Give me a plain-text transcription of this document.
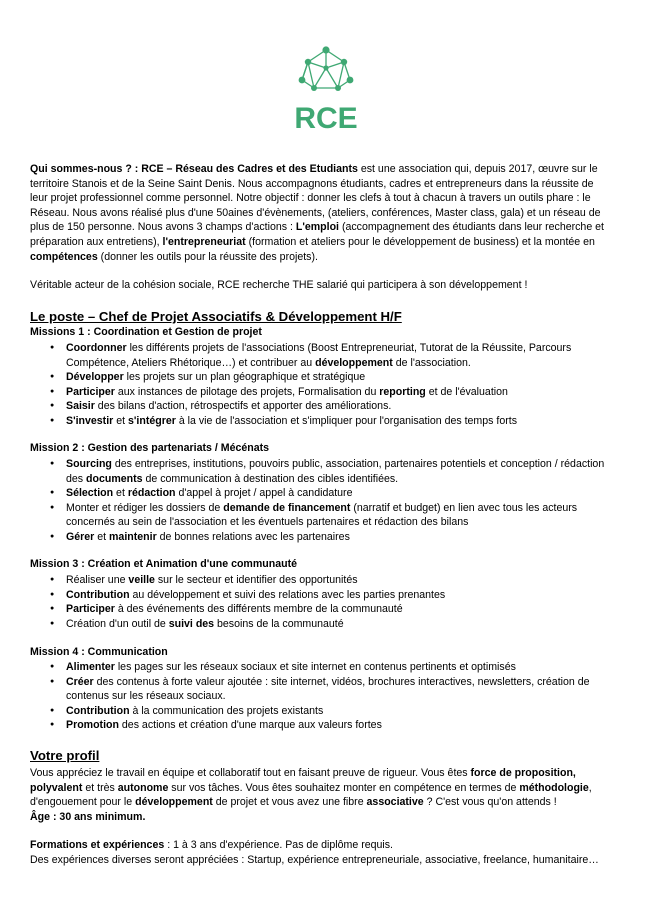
RCE
Qui sommes-nous ? : RCE – Réseau des Cadres et des Etudiants est une association qui, depuis 2017, œuvre sur le
territoire Stanois et de la Seine Saint Denis. Nous accompagnons étudiants, cadres et entrepreneurs dans la réussite de
leur projet professionnel comme personnel. Notre objectif : donner les clefs à tout à chacun à travers un outils phare : le
Réseau. Nous avons réalisé plus d'une 50aines d'évènements, (ateliers, conférences, Master class, gala) et un réseau de
plus de 150 personne. Nous avons 3 champs d'actions : L'emploi (accompagnement des étudiants dans leur recherche et
préparation aux entretiens), l'entrepreneuriat (formation et ateliers pour le développement de business) et la montée en
compétences (donner les outils pour la réussite des projets).
Véritable acteur de la cohésion sociale, RCE recherche THE salarié qui participera à son développement !
Le poste – Chef de Projet Associatifs & Développement H/F
Missions 1 : Coordination et Gestion de projet
● Coordonner les différents projets de l'associations (Boost Entrepreneuriat, Tutorat de la Réussite, Parcours
Compétence, Ateliers Rhétorique…) et contribuer au développement de l'association.
● Développer les projets sur un plan géographique et stratégique
● Participer aux instances de pilotage des projets, Formalisation du reporting et de l'évaluation
● Saisir des bilans d'action, rétrospectifs et apporter des améliorations.
● S'investir et s'intégrer à la vie de l'association et s'impliquer pour l'organisation des temps forts
Mission 2 : Gestion des partenariats / Mécénats
● Sourcing des entreprises, institutions, pouvoirs public, association, partenaires potentiels et conception / rédaction
des documents de communication à destination des cibles identifiées.
● Sélection et rédaction d'appel à projet / appel à candidature
● Monter et rédiger les dossiers de demande de financement (narratif et budget) en lien avec tous les acteurs
concernés au sein de l'association et les éventuels partenaires et rédaction des bilans
● Gérer et maintenir de bonnes relations avec les partenaires
Mission 3 : Création et Animation d'une communauté
● Réaliser une veille sur le secteur et identifier des opportunités
● Contribution au développement et suivi des relations avec les parties prenantes
● Participer à des événements des différents membre de la communauté
● Création d'un outil de suivi des besoins de la communauté
Mission 4 : Communication
● Alimenter les pages sur les réseaux sociaux et site internet en contenus pertinents et optimisés
● Créer des contenus à forte valeur ajoutée : site internet, vidéos, brochures interactives, newsletters, création de
contenus sur les réseaux sociaux.
● Contribution à la communication des projets existants
● Promotion des actions et création d'une marque aux valeurs fortes
Votre profil
Vous appréciez le travail en équipe et collaboratif tout en faisant preuve de rigueur. Vous êtes force de proposition,
polyvalent et très autonome sur vos tâches. Vous êtes souhaitez monter en compétence en termes de méthodologie,
d'engouement pour le développement de projet et vous avez une fibre associative ? C'est vous qu'on attends !
Âge : 30 ans minimum.
Formations et expériences : 1 à 3 ans d'expérience. Pas de diplôme requis.
Des expériences diverses seront appréciées : Startup, expérience entrepreneuriale, associative, freelance, humanitaire…
